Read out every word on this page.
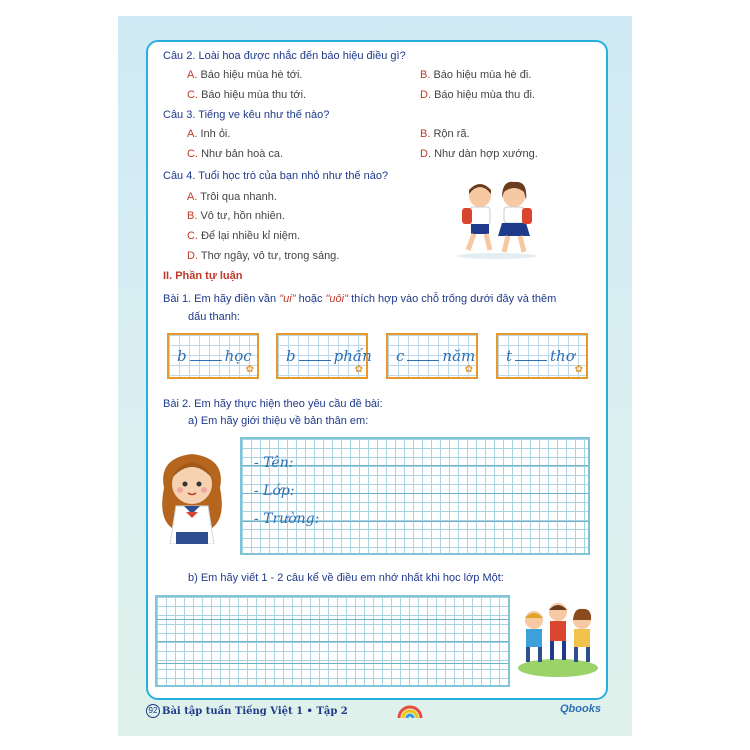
Câu 2. Loài hoa được nhắc đến báo hiệu điều gì?
A. Báo hiệu mùa hè tới.	B. Báo hiệu mùa hè đi.
C. Báo hiệu mùa thu tới.	D. Báo hiệu mùa thu đi.
Câu 3. Tiếng ve kêu như thế nào?
A. Inh ỏi.	B. Rộn rã.
C. Như bản hoà ca.	D. Như dàn hợp xướng.
Câu 4. Tuổi học trò của bạn nhỏ như thế nào?
A. Trôi qua nhanh.
B. Vô tư, hồn nhiên.
C. Để lại nhiều kỉ niệm.
D. Thơ ngây, vô tư, trong sáng.
II. Phần tự luận
Bài 1. Em hãy điền vần "ui" hoặc "uôi" thích hợp vào chỗ trống dưới đây và thêm
dấu thanh:
b	học
✿
b	phấn
✿
c	năm
✿
t	thơ
✿
Bài 2. Em hãy thực hiện theo yêu cầu đề bài:
a) Em hãy giới thiệu về bản thân em:
- Tên:
- Lớp:
- Trường:
b) Em hãy viết 1 - 2 câu kể về điều em nhớ nhất khi học lớp Một:
92 Bài tập tuần Tiếng Việt 1 • Tập 2	Qbooks
